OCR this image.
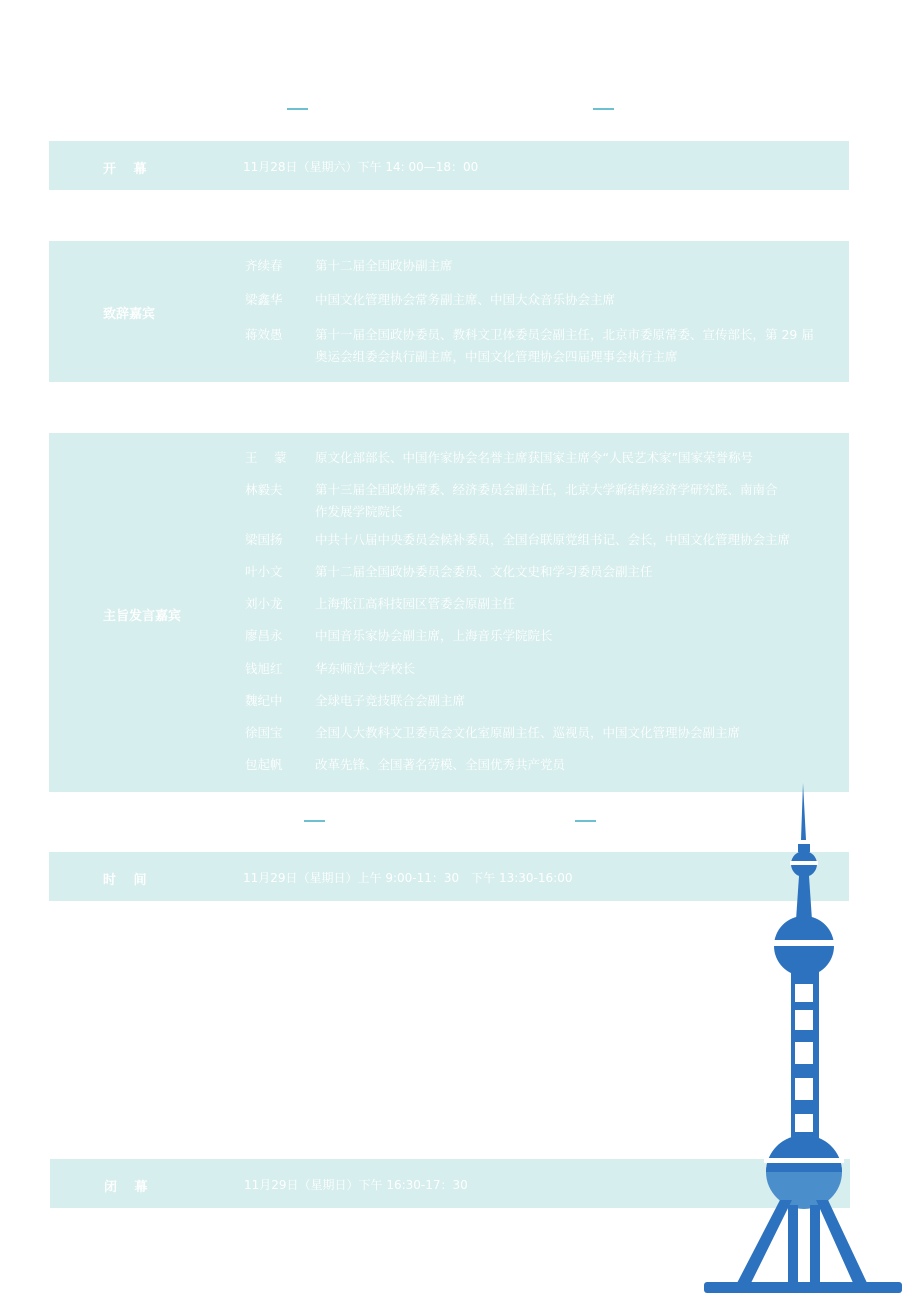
开　 幕	11月28日（星期六）下午 14: 00—18：00
致辞嘉宾
齐续春	第十二届全国政协副主席
梁鑫华	中国文化管理协会常务副主席、中国大众音乐协会主席
蒋效愚	第十一届全国政协委员、教科文卫体委员会副主任，北京市委原常委、宣传部长，第 29 届奥运会组委会执行副主席，中国文化管理协会四届理事会执行主席
主旨发言嘉宾
王　 蒙	原文化部部长、中国作家协会名誉主席获国家主席令“人民艺术家”国家荣誉称号
林毅夫	第十三届全国政协常委、经济委员会副主任，北京大学新结构经济学研究院、南南合作发展学院院长
梁国扬	中共十八届中央委员会候补委员，全国台联原党组书记、会长，中国文化管理协会主席
叶小文	第十二届全国政协委员会委员、文化文史和学习委员会副主任
刘小龙	上海张江高科技园区管委会原副主任
廖昌永	中国音乐家协会副主席，上海音乐学院院长
钱旭红	华东师范大学校长
魏纪中	全球电子竞技联合会副主席
徐国宝	全国人大教科文卫委员会文化室原副主任、巡视员，中国文化管理协会副主席
包起帆	改革先锋、全国著名劳模、全国优秀共产党员
时　 间	11月29日（星期日）上午 9:00-11：30　下午 13:30-16:00
闭　 幕	11月29日（星期日）下午 16:30-17：30
